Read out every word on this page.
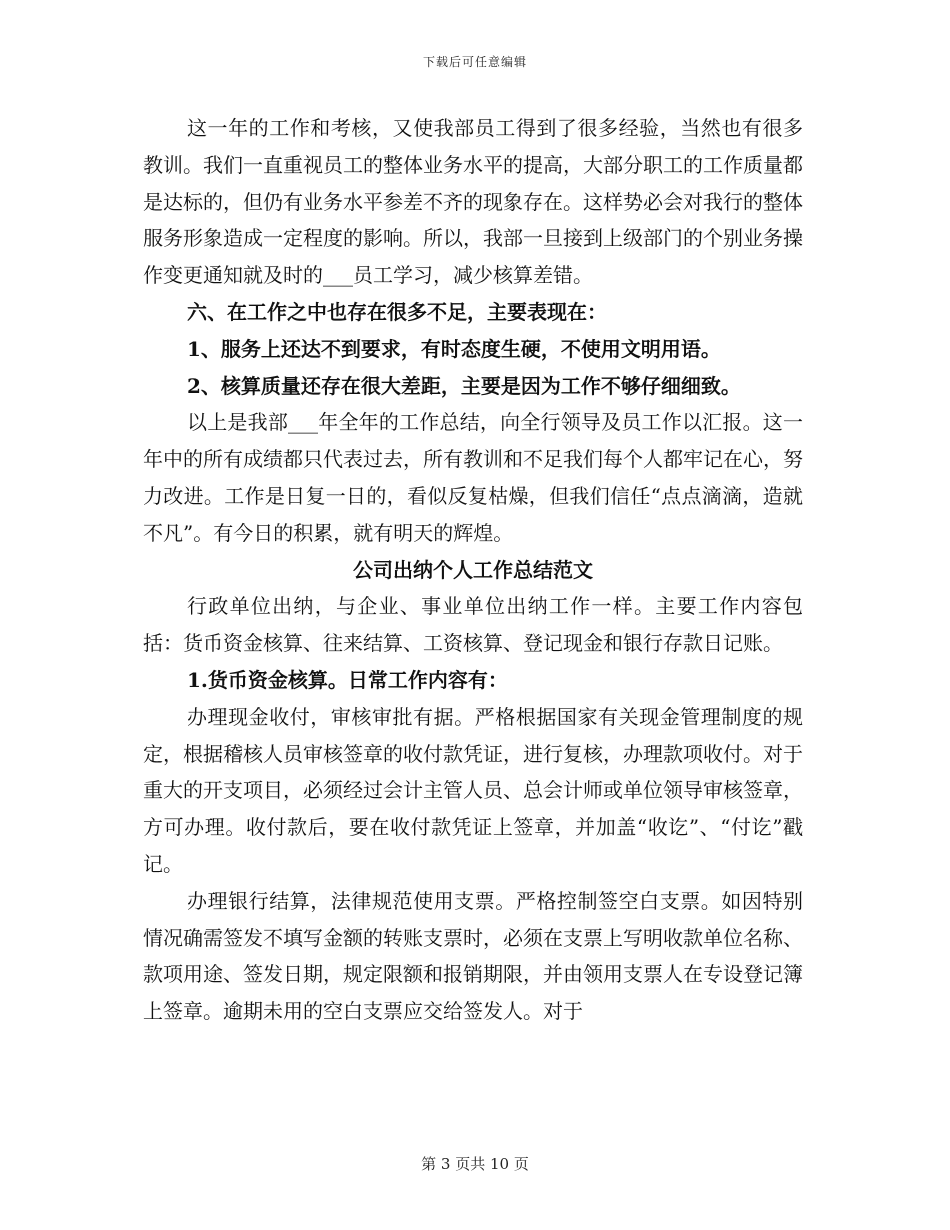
下载后可任意编辑

这一年的工作和考核，又使我部员工得到了很多经验，当然也有很多教训。我们一直重视员工的整体业务水平的提高，大部分职工的工作质量都是达标的，但仍有业务水平参差不齐的现象存在。这样势必会对我行的整体服务形象造成一定程度的影响。所以，我部一旦接到上级部门的个别业务操作变更通知就及时的___员工学习，减少核算差错。

六、在工作之中也存在很多不足，主要表现在：

1、服务上还达不到要求，有时态度生硬，不使用文明用语。

2、核算质量还存在很大差距，主要是因为工作不够仔细细致。

以上是我部___年全年的工作总结，向全行领导及员工作以汇报。这一年中的所有成绩都只代表过去，所有教训和不足我们每个人都牢记在心，努力改进。工作是日复一日的，看似反复枯燥，但我们信任“点点滴滴，造就不凡”。有今日的积累，就有明天的辉煌。

公司出纳个人工作总结范文

行政单位出纳，与企业、事业单位出纳工作一样。主要工作内容包括：货币资金核算、往来结算、工资核算、登记现金和银行存款日记账。

1.货币资金核算。日常工作内容有：

办理现金收付，审核审批有据。严格根据国家有关现金管理制度的规定，根据稽核人员审核签章的收付款凭证，进行复核，办理款项收付。对于重大的开支项目，必须经过会计主管人员、总会计师或单位领导审核签章，方可办理。收付款后，要在收付款凭证上签章，并加盖“收讫”、“付讫”戳记。

办理银行结算，法律规范使用支票。严格控制签空白支票。如因特别情况确需签发不填写金额的转账支票时，必须在支票上写明收款单位名称、款项用途、签发日期，规定限额和报销期限，并由领用支票人在专设登记簿上签章。逾期未用的空白支票应交给签发人。对于

第 3 页共 10 页
